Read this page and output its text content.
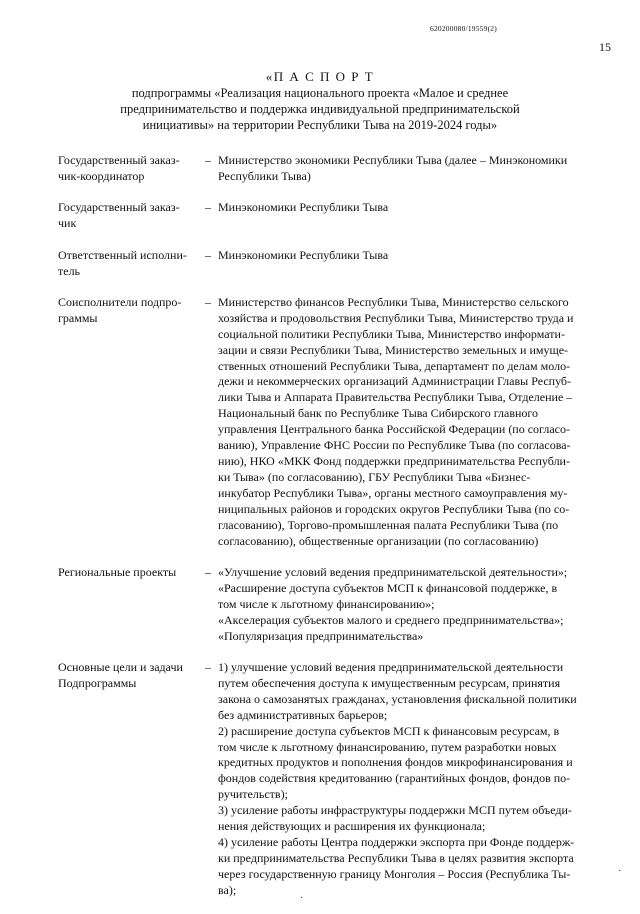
620200080/19559(2)
15
«П А С П О Р Т
подпрограммы «Реализация национального проекта «Малое и среднее
предпринимательство и поддержка индивидуальной предпринимательской
инициативы» на территории Республики Тыва на 2019-2024 годы»
Государственный заказ-
чик-координатор
– Министерство экономики Республики Тыва (далее – Минэкономики
Республики Тыва)
Государственный заказ-
чик
– Минэкономики Республики Тыва
Ответственный исполни-
тель
– Минэкономики Республики Тыва
Соисполнители подпро-
граммы
– Министерство финансов Республики Тыва, Министерство сельского
хозяйства и продовольствия Республики Тыва, Министерство труда и
социальной политики Республики Тыва, Министерство информати-
зации и связи Республики Тыва, Министерство земельных и имуще-
ственных отношений Республики Тыва, департамент по делам моло-
дежи и некоммерческих организаций Администрации Главы Респуб-
лики Тыва и Аппарата Правительства Республики Тыва, Отделение –
Национальный банк по Республике Тыва Сибирского главного
управления Центрального банка Российской Федерации (по согласо-
ванию), Управление ФНС России по Республике Тыва (по согласова-
нию), НКО «МКК Фонд поддержки предпринимательства Республи-
ки Тыва» (по согласованию), ГБУ Республики Тыва «Бизнес-
инкубатор Республики Тыва», органы местного самоуправления му-
ниципальных районов и городских округов Республики Тыва (по со-
гласованию), Торгово-промышленная палата Республики Тыва (по
согласованию), общественные организации (по согласованию)
Региональные проекты	– «Улучшение условий ведения предпринимательской деятельности»;
«Расширение доступа субъектов МСП к финансовой поддержке, в
том числе к льготному финансированию»;
«Акселерация субъектов малого и среднего предпринимательства»;
«Популяризация предпринимательства»
Основные цели и задачи
Подпрограммы
– 1) улучшение условий ведения предпринимательской деятельности
путем обеспечения доступа к имущественным ресурсам, принятия
закона о самозанятых гражданах, установления фискальной политики
без административных барьеров;
2) расширение доступа субъектов МСП к финансовым ресурсам, в
том числе к льготному финансированию, путем разработки новых
кредитных продуктов и пополнения фондов микрофинансирования и
фондов содействия кредитованию (гарантийных фондов, фондов по-
ручительств);
3) усиление работы инфраструктуры поддержки МСП путем объеди-
нения действующих и расширения их функционала;
4) усиление работы Центра поддержки экспорта при Фонде поддерж-
ки предпринимательства Республики Тыва в целях развития экспорта
через государственную границу Монголия – Россия (Республика Ты-
ва);
·
·
